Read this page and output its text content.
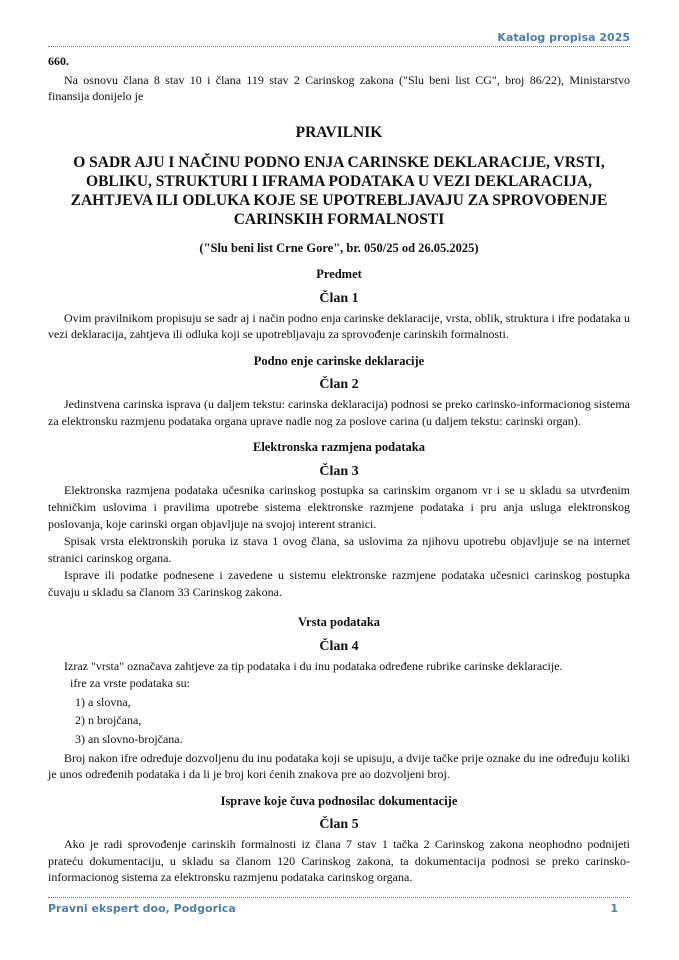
Katalog propisa 2025

660.

Na osnovu člana 8 stav 10 i člana 119 stav 2 Carinskog zakona ("Slu beni list CG", broj 86/22), Ministarstvo finansija donijelo je

PRAVILNIK
O SADR AJU I NAČINU PODNO ENJA CARINSKE DEKLARACIJE, VRSTI, OBLIKU, STRUKTURI I IFRAMA PODATAKA U VEZI DEKLARACIJA, ZAHTJEVA ILI ODLUKA KOJE SE UPOTREBLJAVAJU ZA SPROVOĐENJE CARINSKIH FORMALNOSTI
("Slu beni list Crne Gore", br. 050/25 od 26.05.2025)
Predmet
Član 1

Ovim pravilnikom propisuju se sadr aj i način podno enja carinske deklaracije, vrsta, oblik, struktura i ifre podataka u vezi deklaracija, zahtjeva ili odluka koji se upotrebljavaju za sprovođenje carinskih formalnosti.

Podno enje carinske deklaracije
Član 2

Jedinstvena carinska isprava (u daljem tekstu: carinska deklaracija) podnosi se preko carinsko-informacionog sistema za elektronsku razmjenu podataka organa uprave nadle nog za poslove carina (u daljem tekstu: carinski organ).

Elektronska razmjena podataka
Član 3

Elektronska razmjena podataka učesnika carinskog postupka sa carinskim organom vr i se u skladu sa utvrđenim tehničkim uslovima i pravilima upotrebe sistema elektronske razmjene podataka i pru anja usluga elektronskog poslovanja, koje carinski organ objavljuje na svojoj interent stranici.

Spisak vrsta elektronskih poruka iz stava 1 ovog člana, sa uslovima za njihovu upotrebu objavljuje se na internet stranici carinskog organa.

Isprave ili podatke podnesene i zavedene u sistemu elektronske razmjene podataka učesnici carinskog postupka čuvaju u skladu sa članom 33 Carinskog zakona.

Vrsta podataka
Član 4

Izraz "vrsta" označava zahtjeve za tip podataka i du inu podataka određene rubrike carinske deklaracije.

ifre za vrste podataka su:

1) a slovna,

2) n brojčana,

3) an slovno-brojčana.

Broj nakon ifre određuje dozvoljenu du inu podataka koji se upisuju, a dvije tačke prije oznake du ine određuju koliki je unos određenih podataka i da li je broj kori ćenih znakova pre ao dozvoljeni broj.

Isprave koje čuva podnosilac dokumentacije
Član 5

Ako je radi sprovođenje carinskih formalnosti iz člana 7 stav 1 tačka 2 Carinskog zakona neophodno podnijeti prateću dokumentaciju, u skladu sa članom 120 Carinskog zakona, ta dokumentacija podnosi se preko carinsko-informacionog sistema za elektronsku razmjenu podataka carinskog organa.

Pravni ekspert doo, Podgorica	1
